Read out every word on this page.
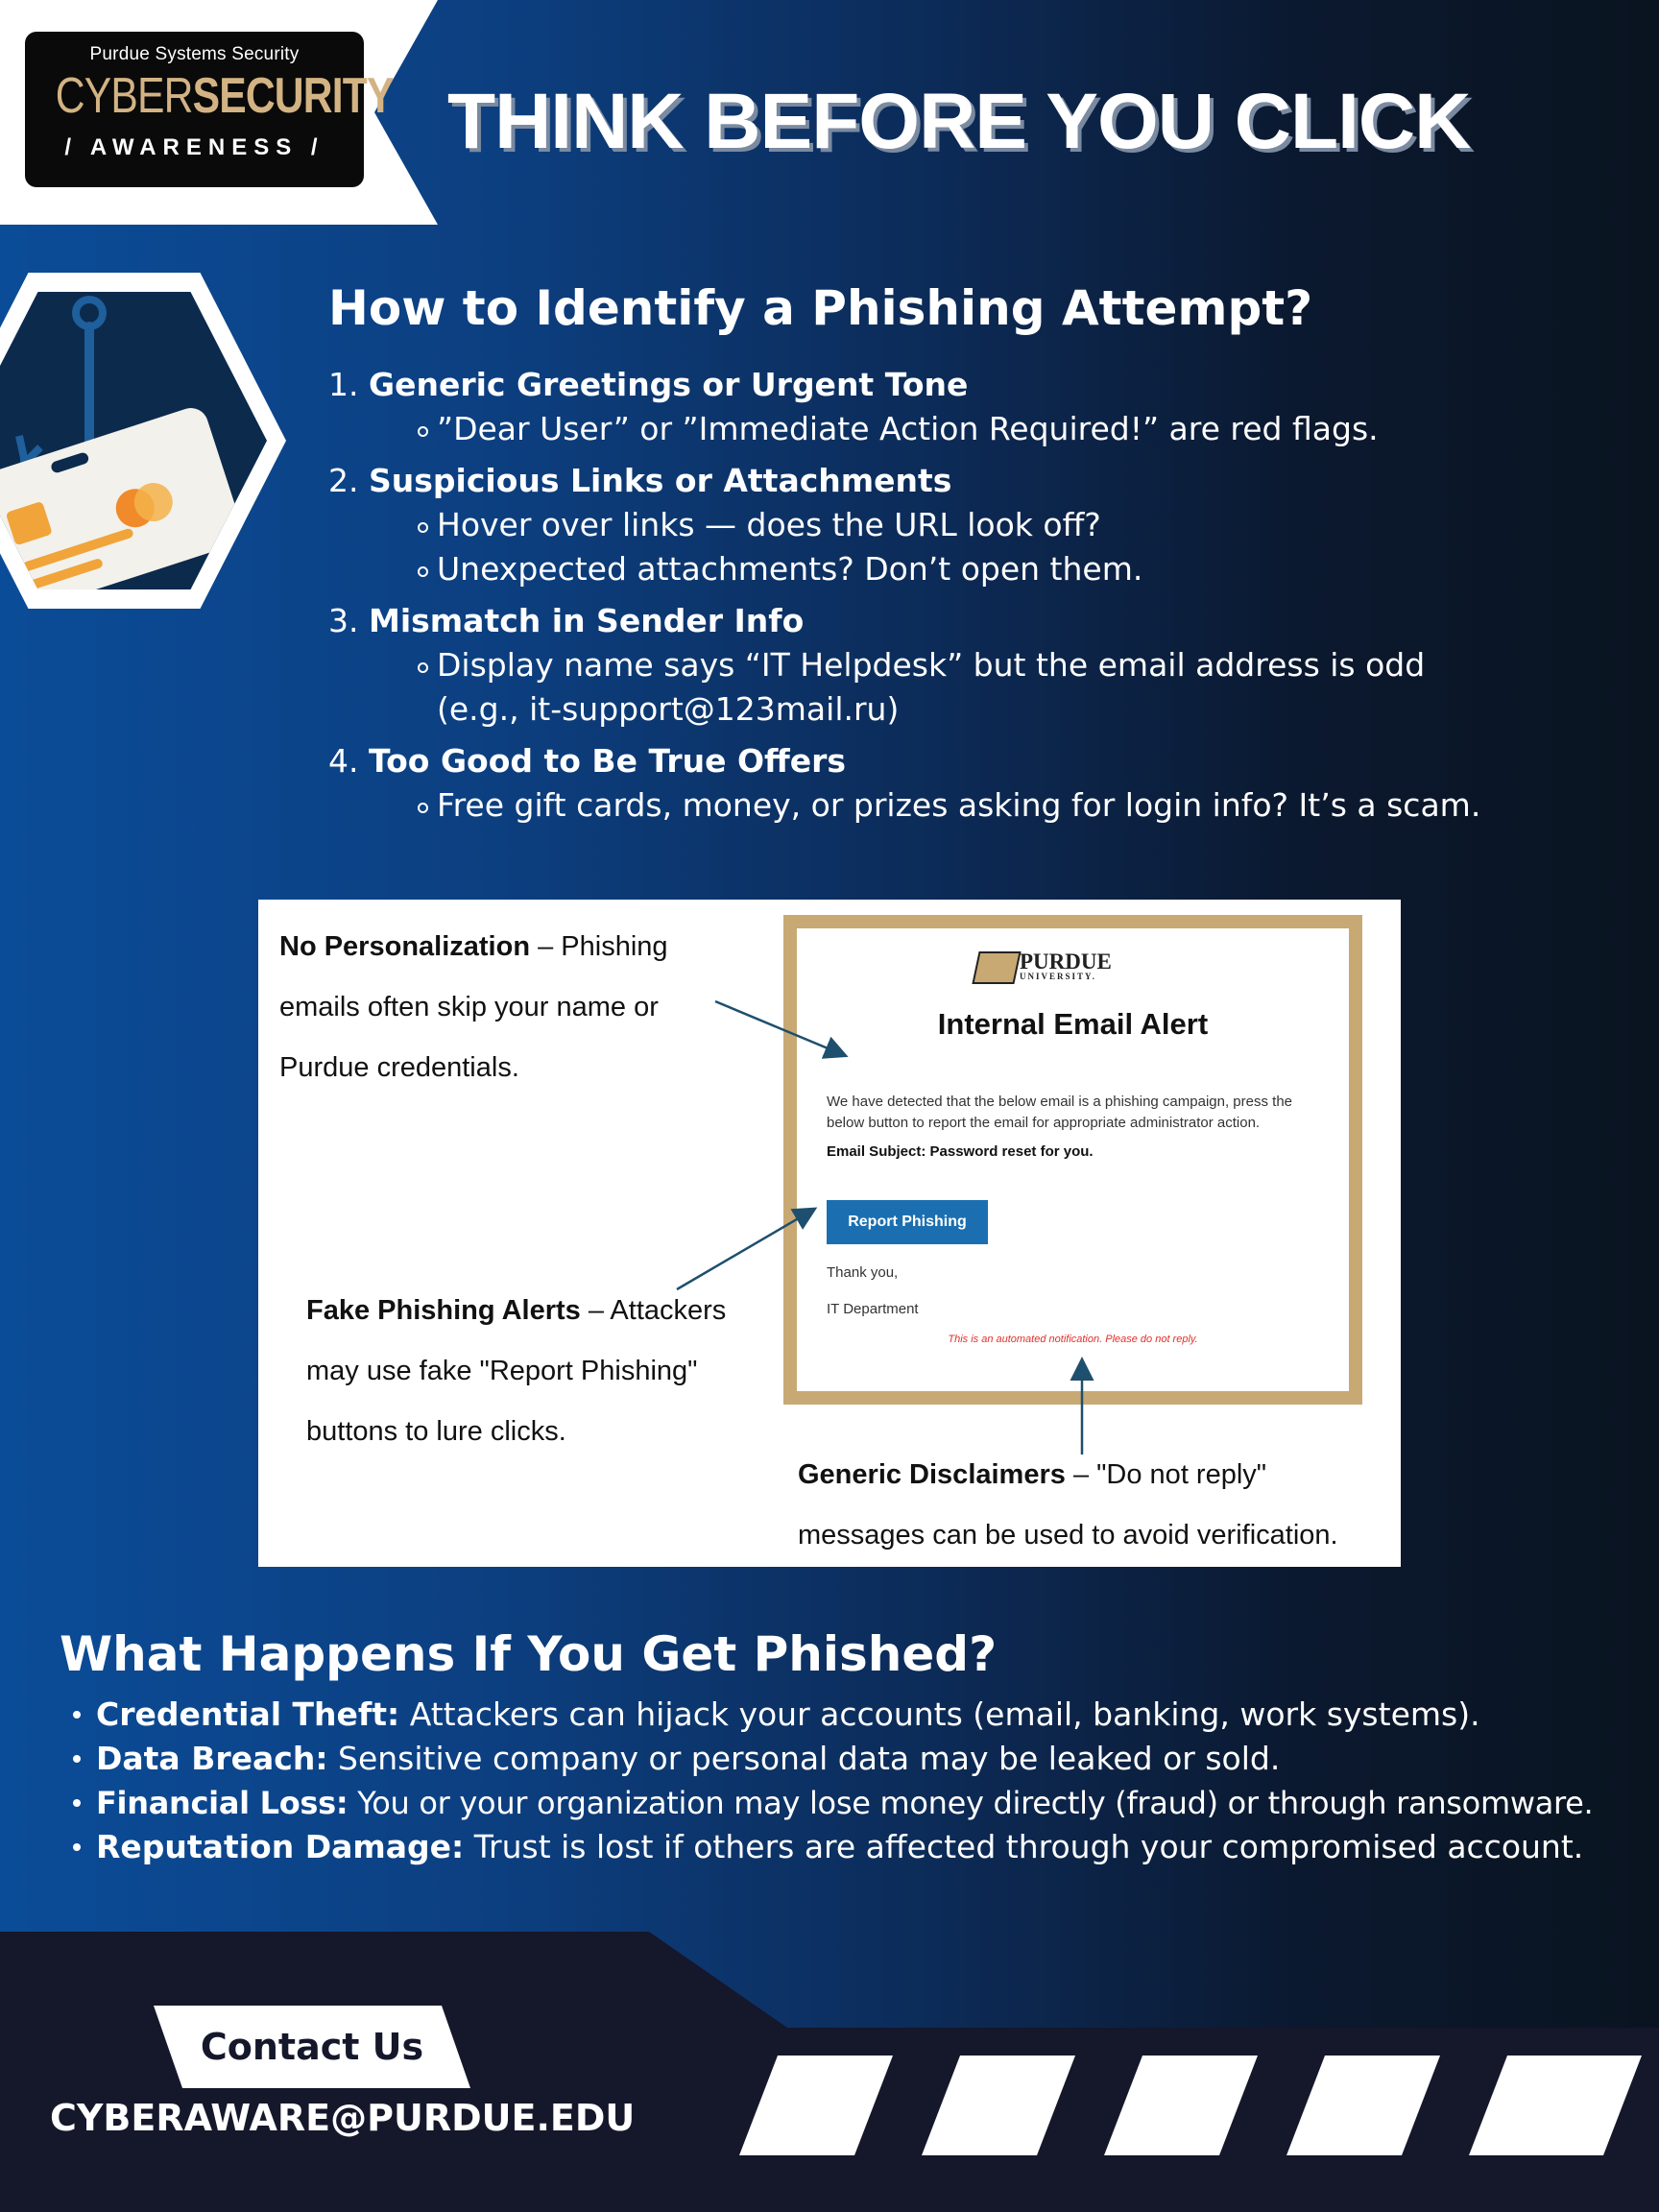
Purdue Systems Security
CYBERSECURITY
/ AWARENESS /	THINK BEFORE YOU CLICK
How to Identify a Phishing Attempt?
1. Generic Greetings or Urgent Tone
”Dear User” or ”Immediate Action Required!” are red flags.
2. Suspicious Links or Attachments
Hover over links — does the URL look off?
Unexpected attachments? Don’t open them.
3. Mismatch in Sender Info
Display name says “IT Helpdesk” but the email address is odd
(e.g., it-support@123mail.ru)
4. Too Good to Be True Offers
Free gift cards, money, or prizes asking for login info? It’s a scam.
No Personalization – Phishing
emails often skip your name or
Purdue credentials.
Fake Phishing Alerts – Attackers
may use fake "Report Phishing"
buttons to lure clicks.
Generic Disclaimers – "Do not reply"
messages can be used to avoid verification.
PURDUE
UNIVERSITY.
Internal Email Alert
We have detected that the below email is a phishing campaign, press the below button to report the email for appropriate administrator action.
Email Subject: Password reset for you.
Report Phishing
Thank you,
IT Department
This is an automated notification. Please do not reply.
What Happens If You Get Phished?
Credential Theft: Attackers can hijack your accounts (email, banking, work systems).
Data Breach: Sensitive company or personal data may be leaked or sold.
Financial Loss: You or your organization may lose money directly (fraud) or through ransomware.
Reputation Damage: Trust is lost if others are affected through your compromised account.
Contact Us
CYBERAWARE@PURDUE.EDU
